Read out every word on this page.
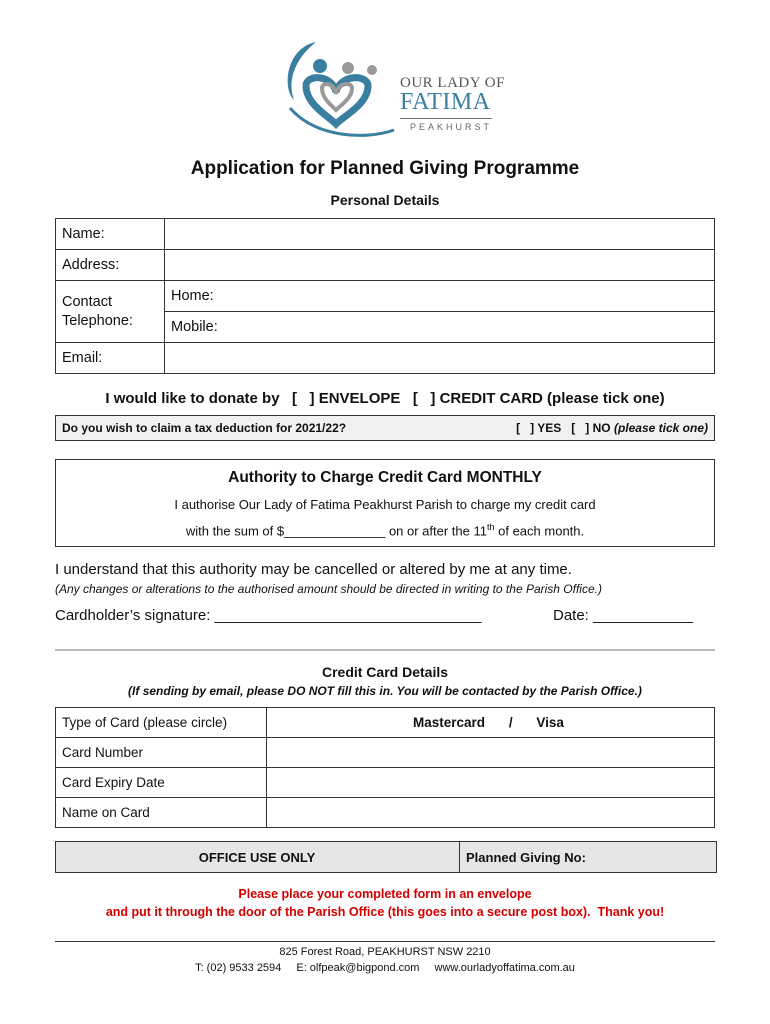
OUR LADY OF
FATIMA
PEAKHURST
Application for Planned Giving Programme
Personal Details
Name:	
Address:	

Contact
Telephone:	Home:
	Mobile:
Email:	
I would like to donate by   [   ] ENVELOPE   [   ] CREDIT CARD (please tick one)
Do you wish to claim a tax deduction for 2021/22?	[   ] YES   [   ] NO (please tick one)
Authority to Charge Credit Card MONTHLY
I authorise Our Lady of Fatima Peakhurst Parish to charge my credit card
with the sum of $______________ on or after the 11th of each month.
I understand that this authority may be cancelled or altered by me at any time.
(Any changes or alterations to the authorised amount should be directed in writing to the Parish Office.)
Cardholder’s signature: ________________________________	Date: ____________
Credit Card Details
(If sending by email, please DO NOT fill this in. You will be contacted by the Parish Office.)
Type of Card (please circle)	Mastercard / Visa
Card Number	
Card Expiry Date	
Name on Card	
OFFICE USE ONLY	Planned Giving No:
Please place your completed form in an envelope
and put it through the door of the Parish Office (this goes into a secure post box).  Thank you!
825 Forest Road, PEAKHURST NSW 2210
T: (02) 9533 2594 E: olfpeak@bigpond.com www.ourladyoffatima.com.au
